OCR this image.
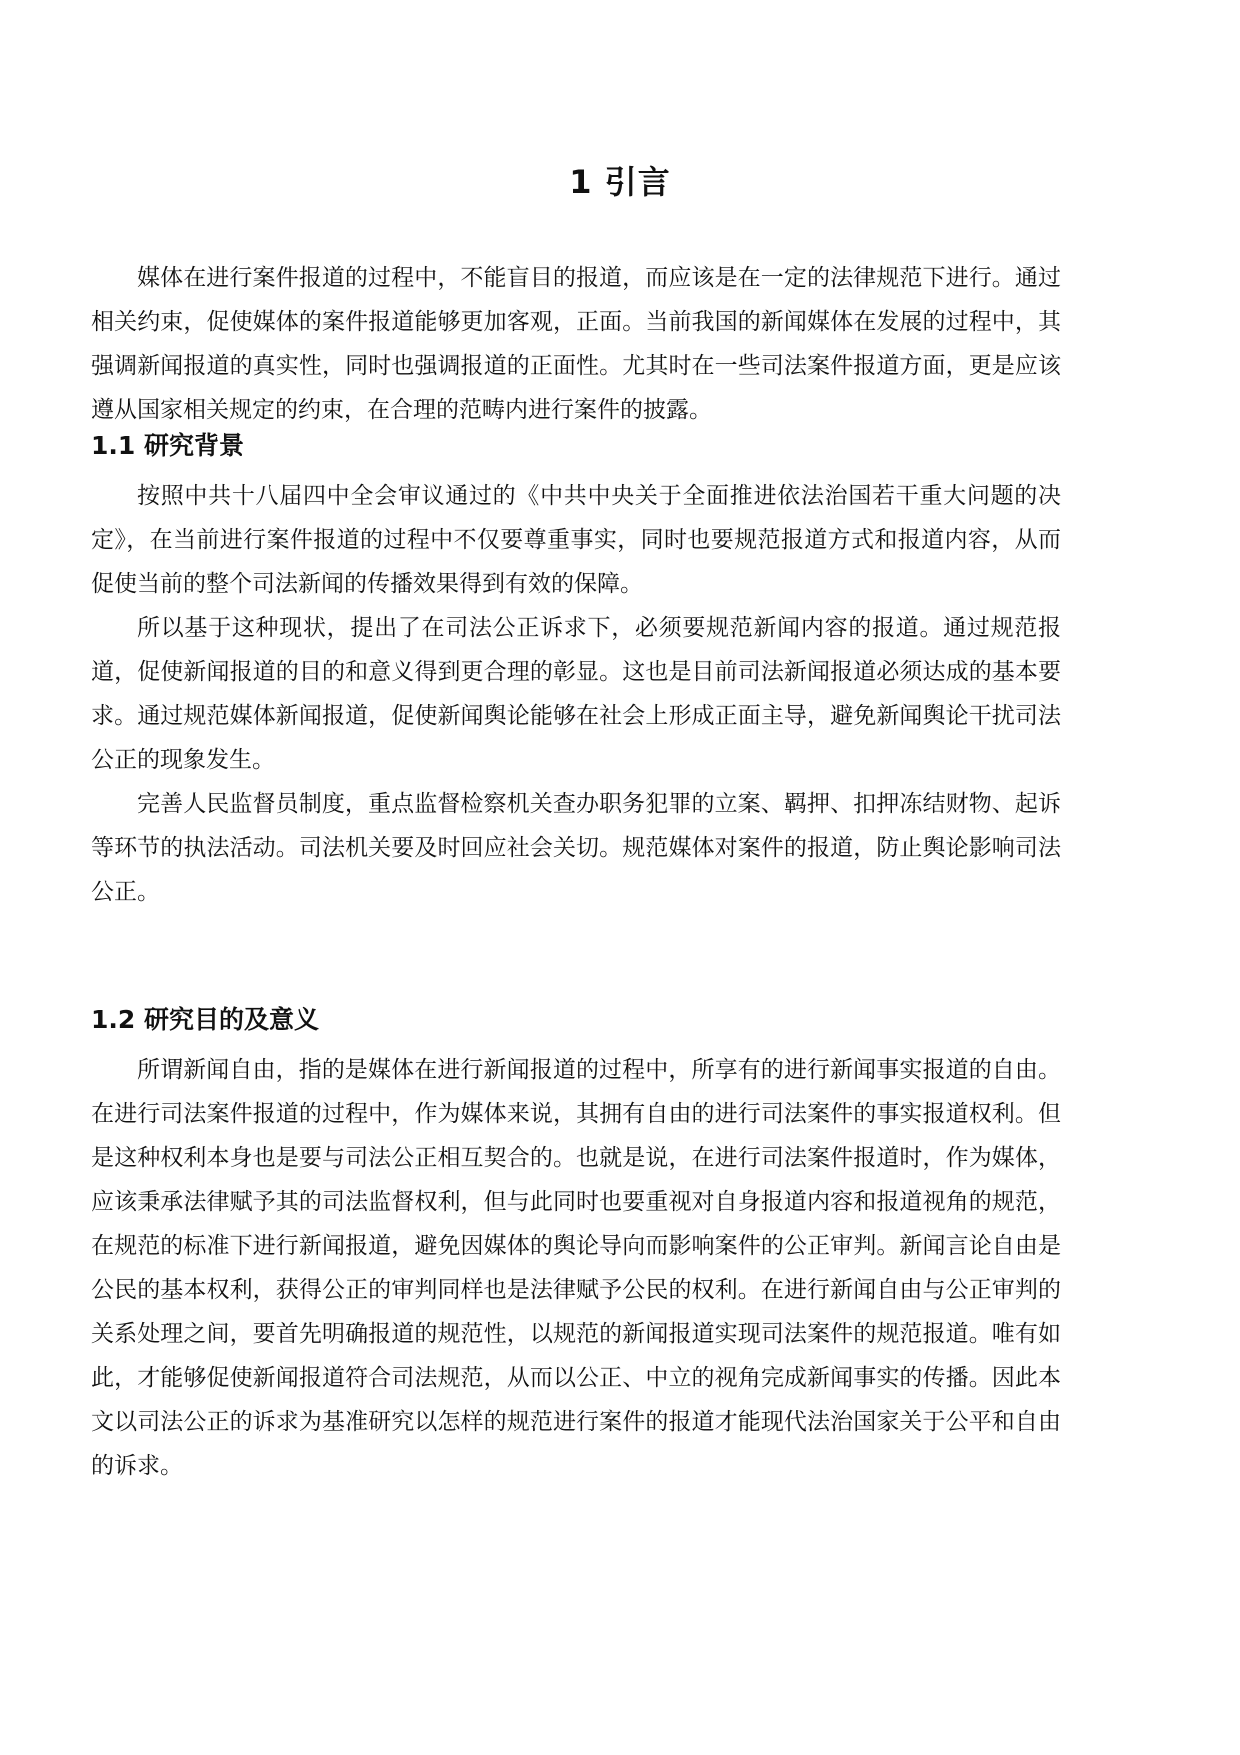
1 引言

媒体在进行案件报道的过程中，不能盲目的报道，而应该是在一定的法律规范下进行。通过相关约束，促使媒体的案件报道能够更加客观，正面。当前我国的新闻媒体在发展的过程中，其强调新闻报道的真实性，同时也强调报道的正面性。尤其时在一些司法案件报道方面，更是应该遵从国家相关规定的约束，在合理的范畴内进行案件的披露。

1.1 研究背景

按照中共十八届四中全会审议通过的《中共中央关于全面推进依法治国若干重大问题的决定》，在当前进行案件报道的过程中不仅要尊重事实，同时也要规范报道方式和报道内容，从而促使当前的整个司法新闻的传播效果得到有效的保障。

所以基于这种现状，提出了在司法公正诉求下，必须要规范新闻内容的报道。通过规范报道，促使新闻报道的目的和意义得到更合理的彰显。这也是目前司法新闻报道必须达成的基本要求。通过规范媒体新闻报道，促使新闻舆论能够在社会上形成正面主导，避免新闻舆论干扰司法公正的现象发生。

完善人民监督员制度，重点监督检察机关查办职务犯罪的立案、羁押、扣押冻结财物、起诉等环节的执法活动。司法机关要及时回应社会关切。规范媒体对案件的报道，防止舆论影响司法公正。

1.2 研究目的及意义

所谓新闻自由，指的是媒体在进行新闻报道的过程中，所享有的进行新闻事实报道的自由。在进行司法案件报道的过程中，作为媒体来说，其拥有自由的进行司法案件的事实报道权利。但是这种权利本身也是要与司法公正相互契合的。也就是说，在进行司法案件报道时，作为媒体，应该秉承法律赋予其的司法监督权利，但与此同时也要重视对自身报道内容和报道视角的规范，在规范的标准下进行新闻报道，避免因媒体的舆论导向而影响案件的公正审判。新闻言论自由是公民的基本权利，获得公正的审判同样也是法律赋予公民的权利。在进行新闻自由与公正审判的关系处理之间，要首先明确报道的规范性，以规范的新闻报道实现司法案件的规范报道。唯有如此，才能够促使新闻报道符合司法规范，从而以公正、中立的视角完成新闻事实的传播。因此本文以司法公正的诉求为基准研究以怎样的规范进行案件的报道才能现代法治国家关于公平和自由的诉求。
